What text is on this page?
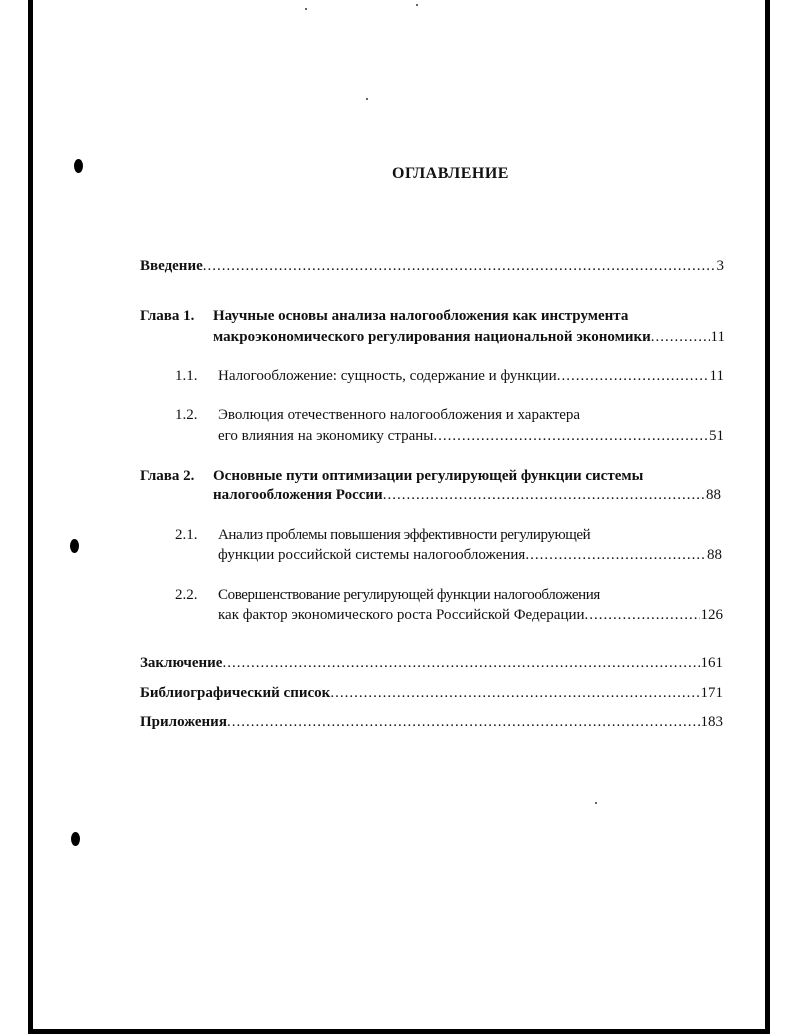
ОГЛАВЛЕНИЕ
Введение .....	3
Глава 1. Научные основы анализа налогообложения как инструмента
макроэкономического регулирования национальной экономики .....	11
1.1. Налогообложение: сущность, содержание и функции .....	11
1.2. Эволюция отечественного налогообложения и характера
его влияния на экономику страны .....	51
Глава 2. Основные пути оптимизации регулирующей функции системы
налогообложения России .....	88
2.1. Анализ проблемы повышения эффективности регулирующей
функции российской системы налогообложения .....	88
2.2. Совершенствование регулирующей функции налогообложения
как фактор экономического роста Российской Федерации .....	126
Заключение .....	161
Библиографический список .....	171
Приложения .....	183
